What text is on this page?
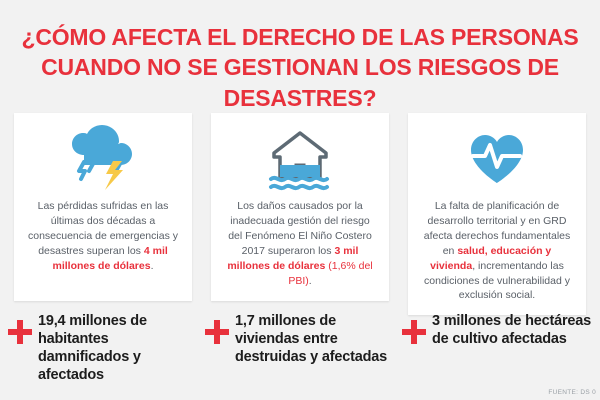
¿CÓMO AFECTA EL DERECHO DE LAS PERSONAS CUANDO NO SE GESTIONAN LOS RIESGOS DE DESASTRES?
Las pérdidas sufridas en las últimas dos décadas a consecuencia de emergencias y desastres superan los 4 mil millones de dólares.
Los daños causados por la inadecuada gestión del riesgo del Fenómeno El Niño Costero 2017 superaron los 3 mil millones de dólares (1,6% del PBI).
La falta de planificación de desarrollo territorial y en GRD afecta derechos fundamentales en salud, educación y vivienda, incrementando las condiciones de vulnerabilidad y exclusión social.
19,4 millones de habitantes damnificados y afectados
1,7 millones de viviendas entre destruidas y afectadas
3 millones de hectáreas de cultivo afectadas
FUENTE: DS 0
